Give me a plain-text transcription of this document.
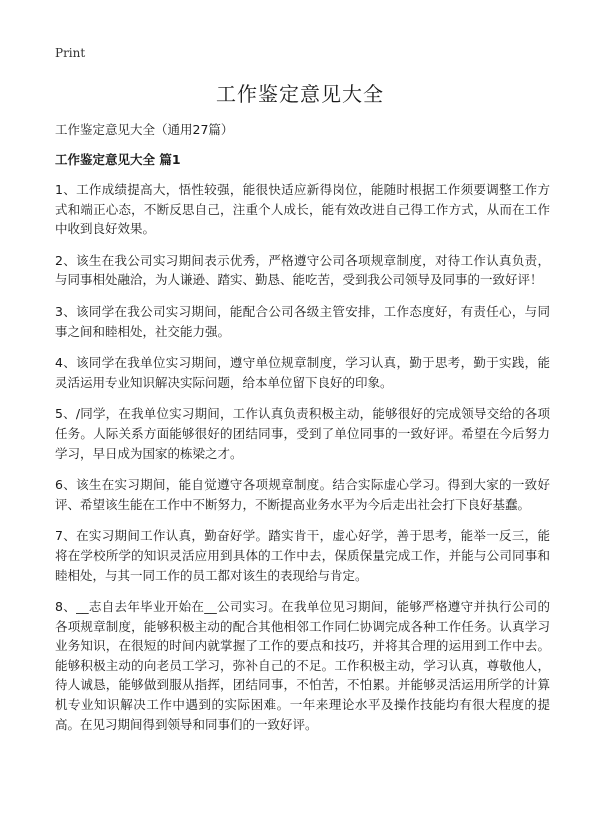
Print
工作鉴定意见大全

工作鉴定意见大全（通用27篇）

工作鉴定意见大全 篇1

1、工作成绩提高大，悟性较强，能很快适应新得岗位，能随时根据工作须要调整工作方式和端正心态，不断反思自己，注重个人成长，能有效改进自己得工作方式，从而在工作中收到良好效果。

2、该生在我公司实习期间表示优秀，严格遵守公司各项规章制度，对待工作认真负责，与同事相处融洽，为人谦逊、踏实、勤恳、能吃苦，受到我公司领导及同事的一致好评！

3、该同学在我公司实习期间，能配合公司各级主管安排，工作态度好，有责任心，与同事之间和睦相处，社交能力强。

4、该同学在我单位实习期间，遵守单位规章制度，学习认真，勤于思考，勤于实践，能灵活运用专业知识解决实际问题，给本单位留下良好的印象。

5、/同学，在我单位实习期间，工作认真负责积极主动，能够很好的完成领导交给的各项任务。人际关系方面能够很好的团结同事，受到了单位同事的一致好评。希望在今后努力学习，早日成为国家的栋梁之才。

6、该生在实习期间，能自觉遵守各项规章制度。结合实际虚心学习。得到大家的一致好评、希望该生能在工作中不断努力，不断提高业务水平为今后走出社会打下良好基蠢。

7、在实习期间工作认真，勤奋好学。踏实肯干，虚心好学，善于思考，能举一反三，能将在学校所学的知识灵活应用到具体的工作中去，保质保量完成工作，并能与公司同事和睦相处，与其一同工作的员工都对该生的表现给与肯定。

8、__志自去年毕业开始在__公司实习。在我单位见习期间，能够严格遵守并执行公司的各项规章制度，能够积极主动的配合其他相邻工作同仁协调完成各种工作任务。认真学习业务知识，在很短的时间内就掌握了工作的要点和技巧，并将其合理的运用到工作中去。能够积极主动的向老员工学习，弥补自己的不足。工作积极主动，学习认真，尊敬他人，待人诚恳，能够做到服从指挥，团结同事，不怕苦，不怕累。并能够灵活运用所学的计算机专业知识解决工作中遇到的实际困难。一年来理论水平及操作技能均有很大程度的提高。在见习期间得到领导和同事们的一致好评。
